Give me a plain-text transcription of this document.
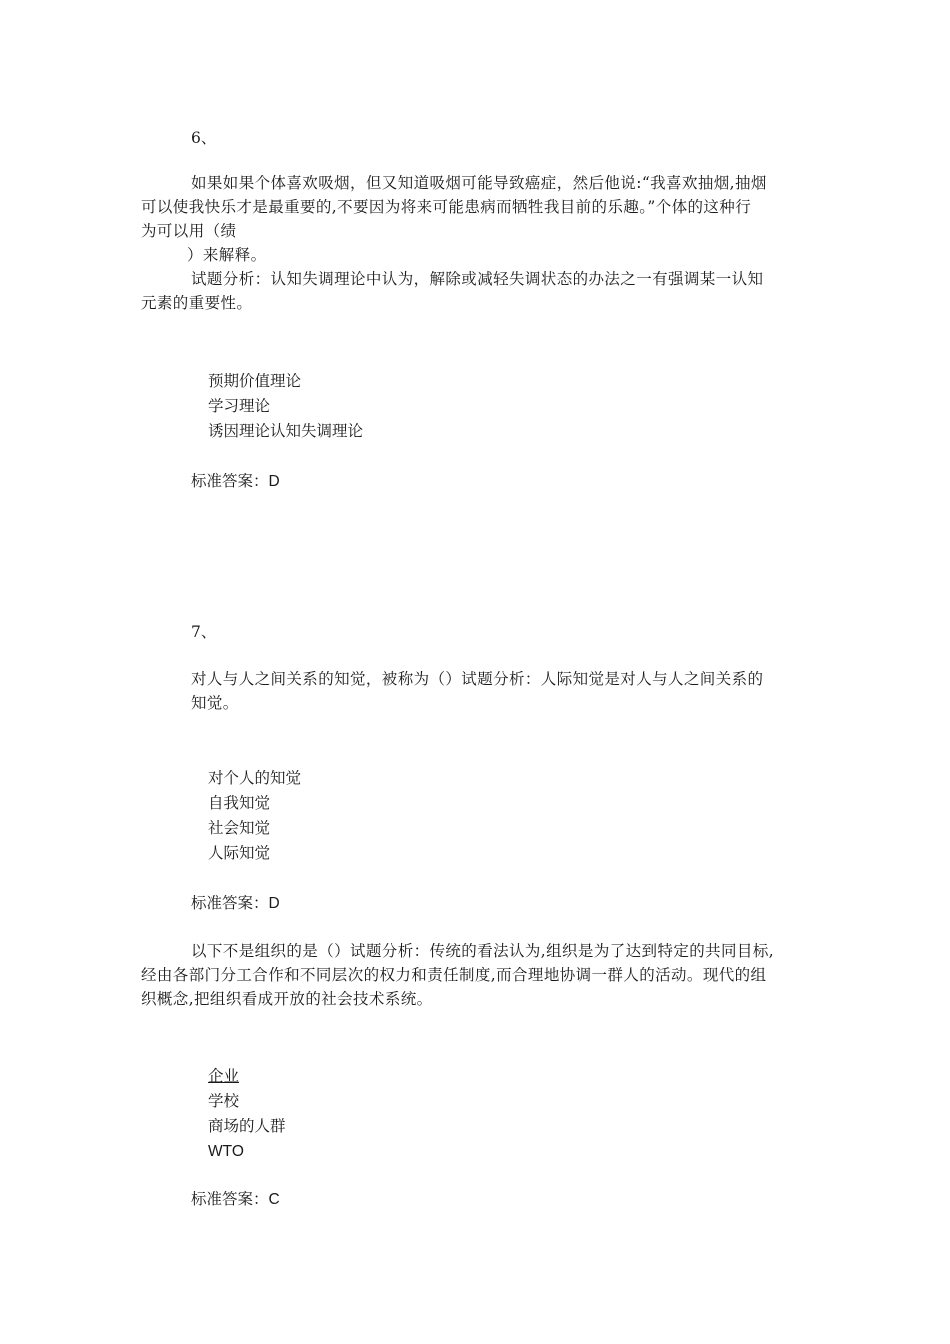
6、
如果如果个体喜欢吸烟，但又知道吸烟可能导致癌症，然后他说:“我喜欢抽烟,抽烟
可以使我快乐才是最重要的,不要因为将来可能患病而牺牲我目前的乐趣。”个体的这种行
为可以用（绩
）来解释。
试题分析：认知失调理论中认为，解除或减轻失调状态的办法之一有强调某一认知
元素的重要性。
预期价值理论
学习理论
诱因理论认知失调理论
标准答案：D
7、
对人与人之间关系的知觉，被称为（）试题分析：人际知觉是对人与人之间关系的
知觉。
对个人的知觉
自我知觉
社会知觉
人际知觉
标准答案：D
以下不是组织的是（）试题分析：传统的看法认为,组织是为了达到特定的共同目标,
经由各部门分工合作和不同层次的权力和责任制度,而合理地协调一群人的活动。现代的组
织概念,把组织看成开放的社会技术系统。
企业
学校
商场的人群
WTO
标准答案：C
